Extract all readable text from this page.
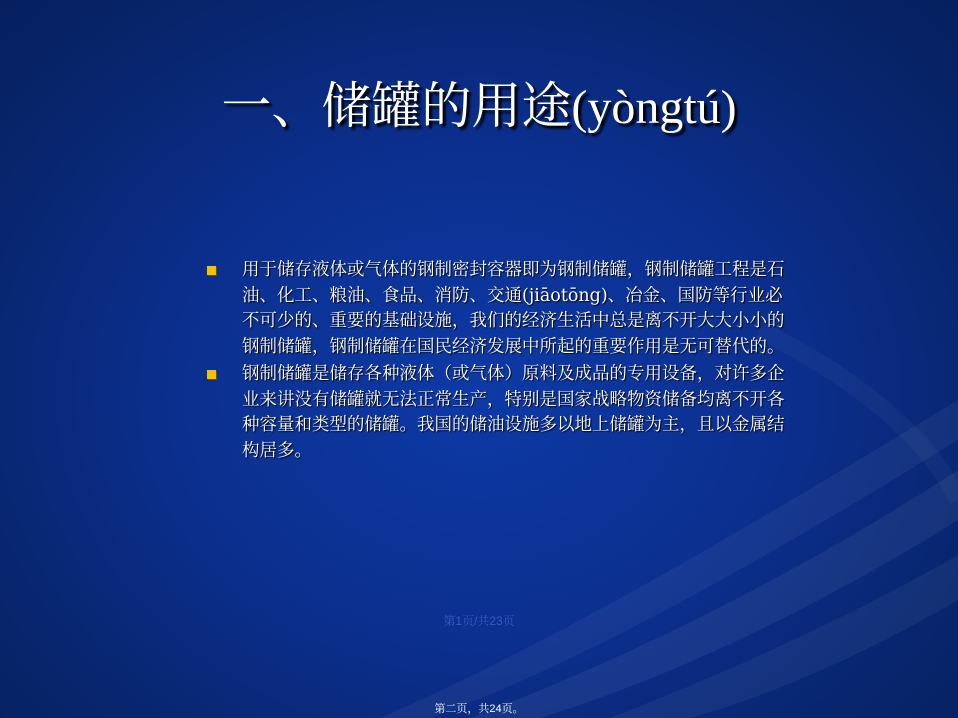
一、储罐的用途(yòngtú)
用于储存液体或气体的钢制密封容器即为钢制储罐，钢制储罐工程是石油、化工、粮油、食品、消防、交通(jiāotōng)、冶金、国防等行业必不可少的、重要的基础设施，我们的经济生活中总是离不开大大小小的钢制储罐，钢制储罐在国民经济发展中所起的重要作用是无可替代的。
钢制储罐是储存各种液体（或气体）原料及成品的专用设备，对许多企业来讲没有储罐就无法正常生产，特别是国家战略物资储备均离不开各种容量和类型的储罐。我国的储油设施多以地上储罐为主，且以金属结构居多。
第1页/共23页
第二页，共24页。
